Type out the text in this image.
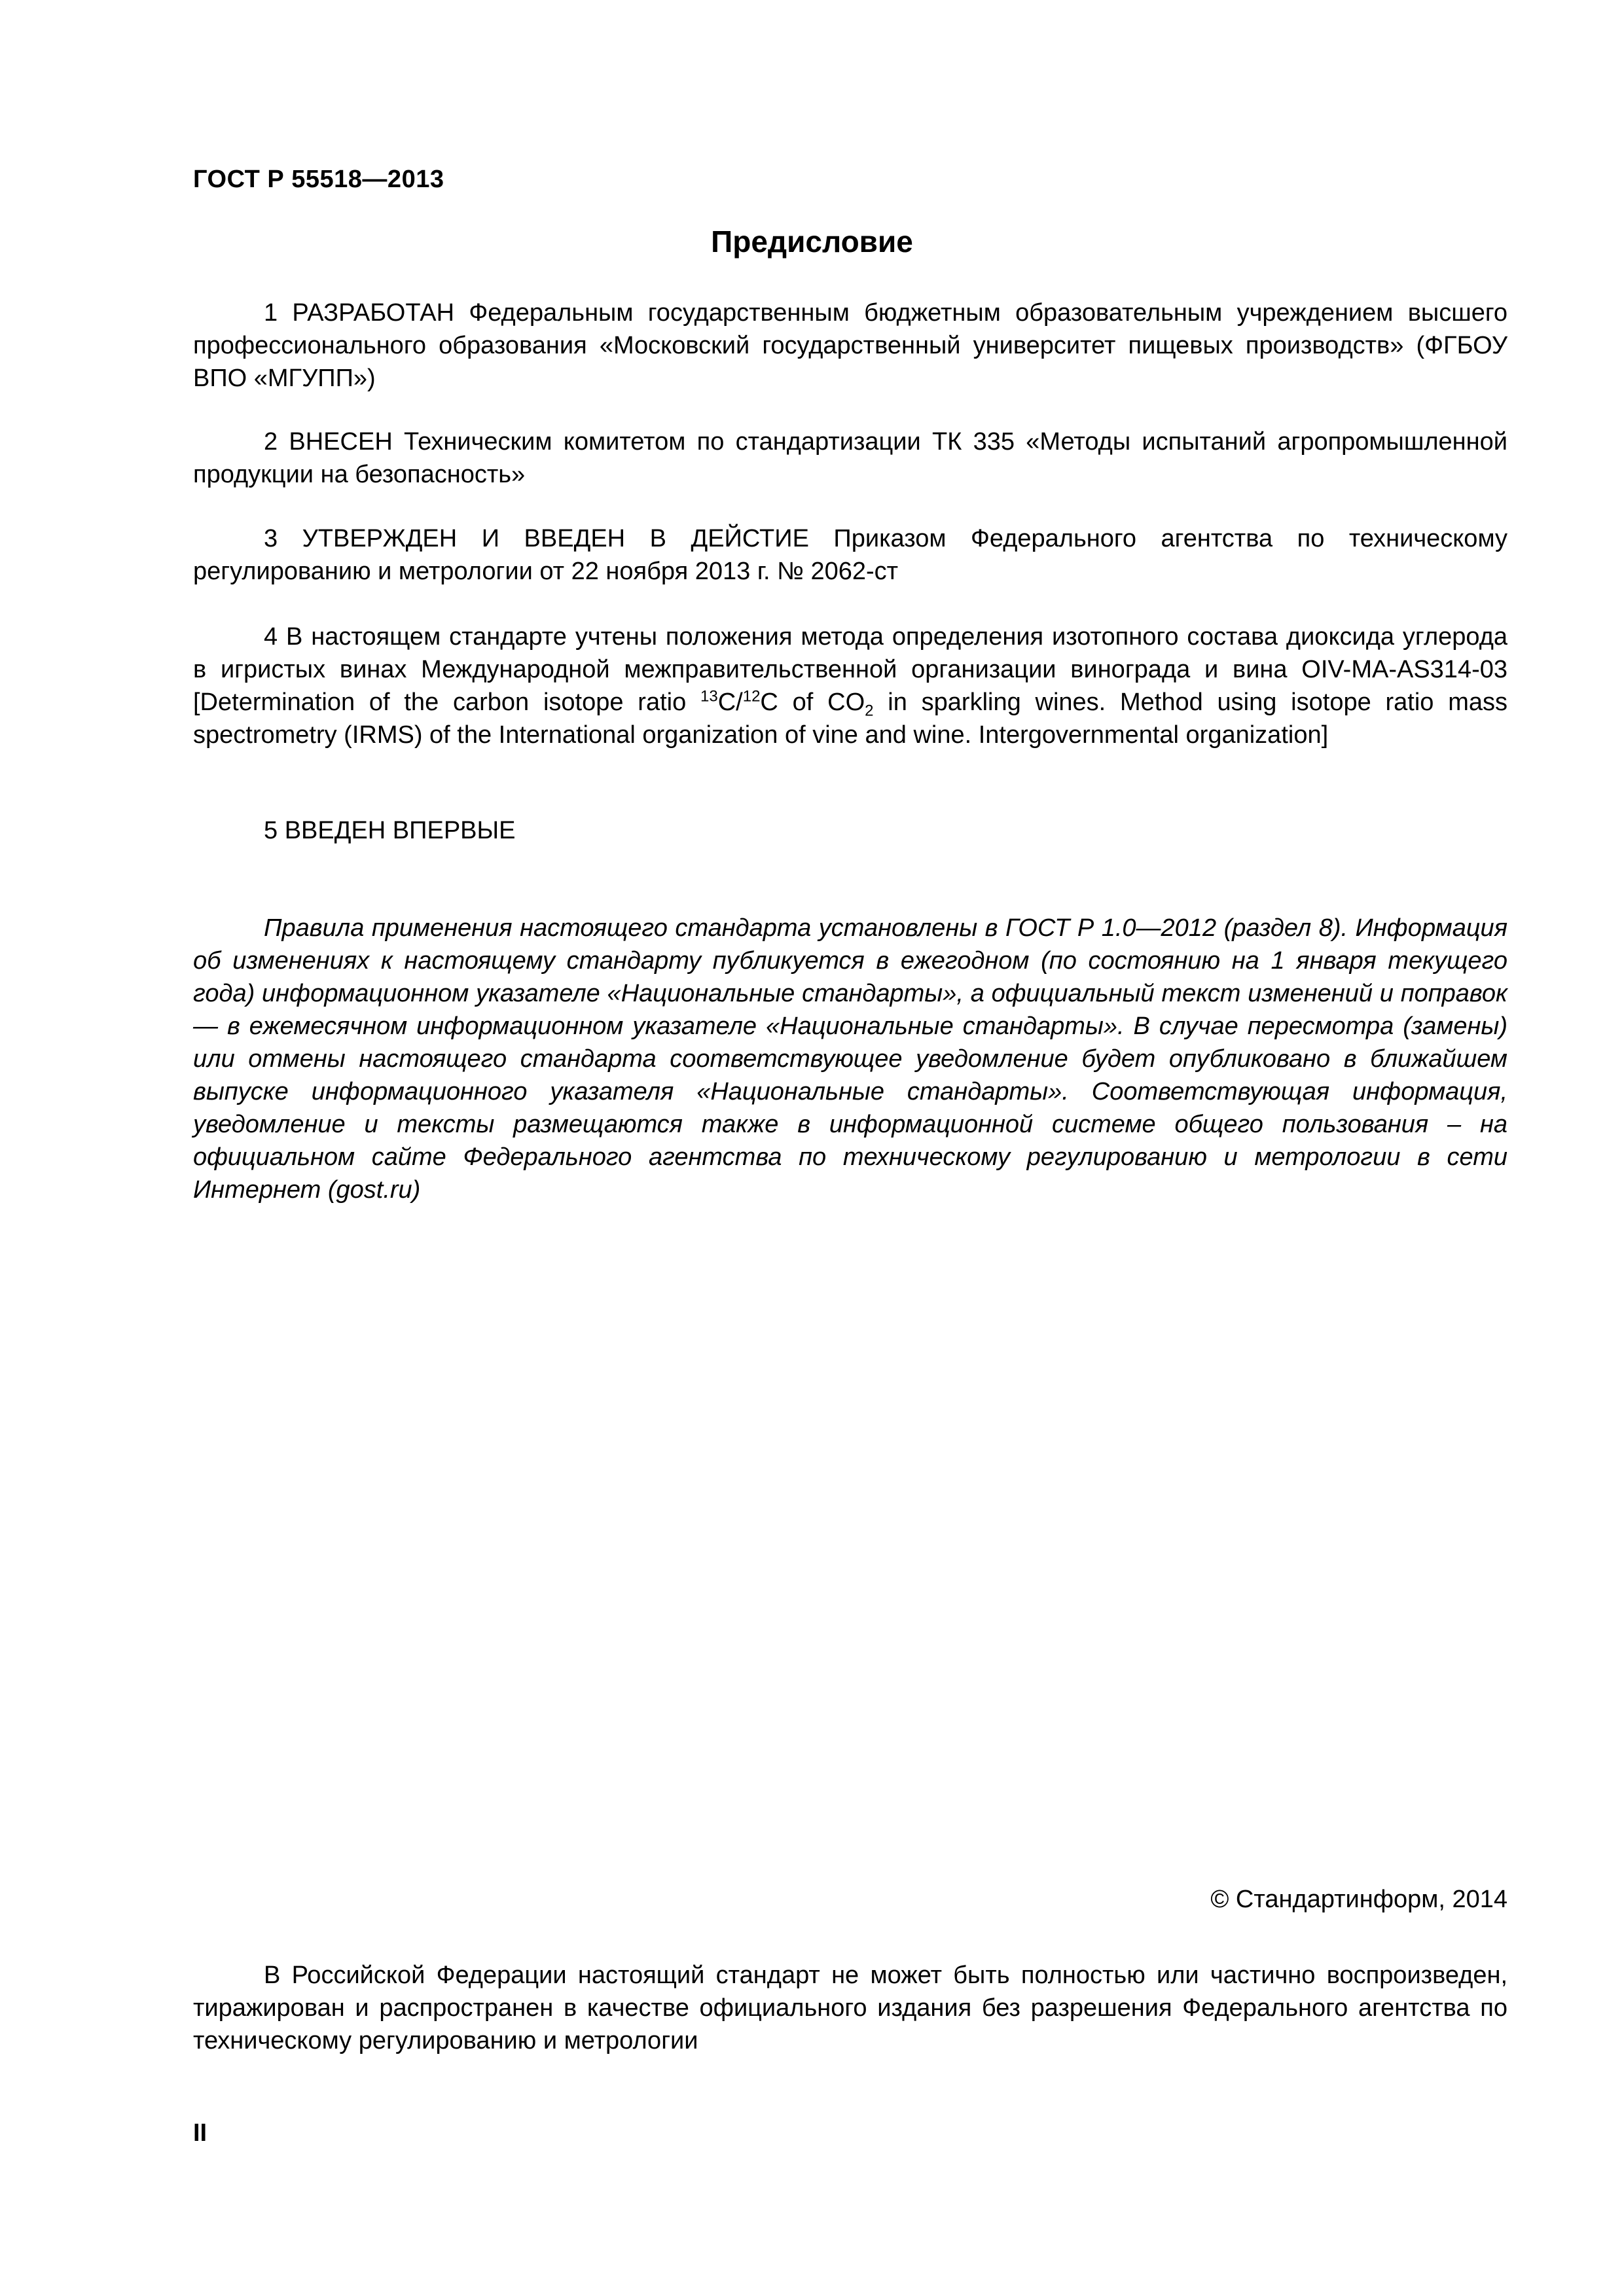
ГОСТ Р 55518—2013
Предисловие

1 РАЗРАБОТАН Федеральным государственным бюджетным образовательным учреждением высшего профессионального образования «Московский государственный университет пищевых производств» (ФГБОУ ВПО «МГУПП»)

2 ВНЕСЕН Техническим комитетом по стандартизации ТК 335 «Методы испытаний агропромышленной продукции на безопасность»

3 УТВЕРЖДЕН И ВВЕДЕН В ДЕЙСТИЕ Приказом Федерального агентства по техническому регулированию и метрологии от 22 ноября 2013 г. № 2062-ст

4 В настоящем стандарте учтены положения метода определения изотопного состава диоксида углерода в игристых винах Международной межправительственной организации винограда и вина OIV-MA-AS314-03 [Determination of the carbon isotope ratio $^{13}$C/$^{12}$C of $CO_2$ in sparkling wines. Method using isotope ratio mass spectrometry (IRMS) of the International organization of vine and wine. Intergovernmental organization]

5 ВВЕДЕН ВПЕРВЫЕ

Правила применения настоящего стандарта установлены в ГОСТ Р 1.0—2012 (раздел 8). Информация об изменениях к настоящему стандарту публикуется в ежегодном (по состоянию на 1 января текущего года) информационном указателе «Национальные стандарты», а официальный текст изменений и поправок — в ежемесячном информационном указателе «Национальные стандарты». В случае пересмотра (замены) или отмены настоящего стандарта соответствующее уведомление будет опубликовано в ближайшем выпуске информационного указателя «Национальные стандарты». Соответствующая информация, уведомление и тексты размещаются также в информационной системе общего пользования – на официальном сайте Федерального агентства по техническому регулированию и метрологии в сети Интернет (gost.ru)

© Стандартинформ, 2014

В Российской Федерации настоящий стандарт не может быть полностью или частично воспроизведен, тиражирован и распространен в качестве официального издания без разрешения Федерального агентства по техническому регулированию и метрологии

II
